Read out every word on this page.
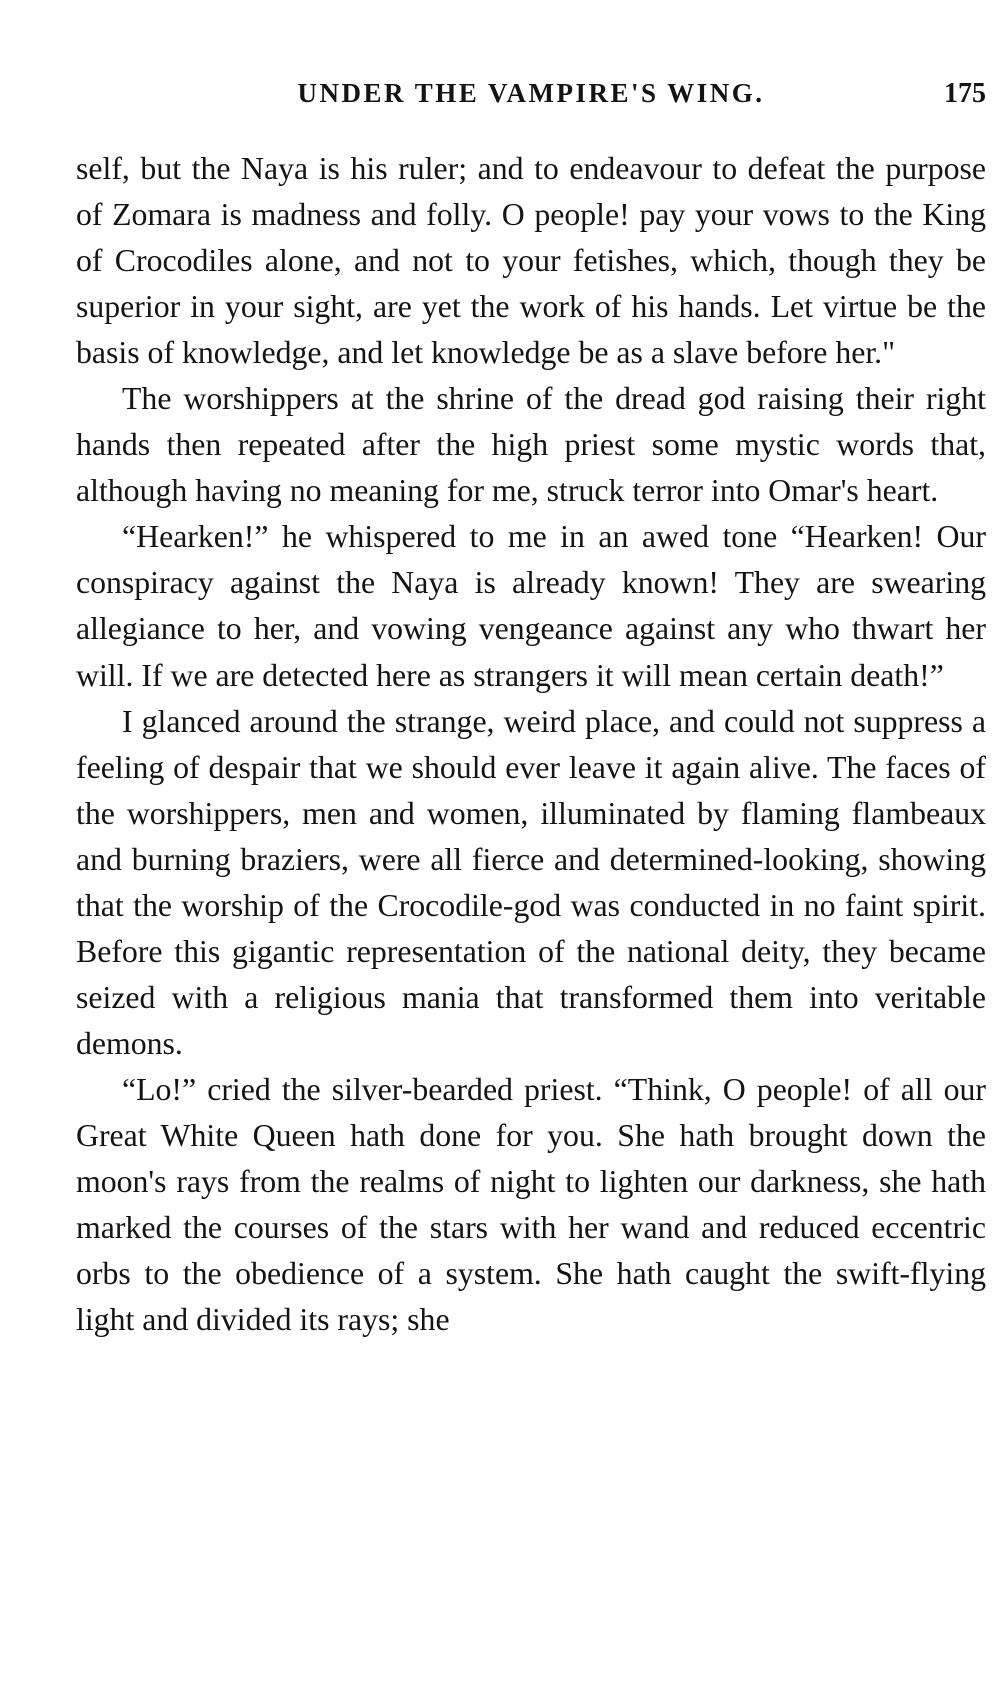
UNDER THE VAMPIRE'S WING.	175

self, but the Naya is his ruler; and to endeavour to defeat the purpose of Zomara is madness and folly. O people! pay your vows to the King of Crocodiles alone, and not to your fetishes, which, though they be superior in your sight, are yet the work of his hands. Let virtue be the basis of knowledge, and let knowledge be as a slave before her."

The worshippers at the shrine of the dread god raising their right hands then repeated after the high priest some mystic words that, although having no meaning for me, struck terror into Omar's heart.

“Hearken!” he whispered to me in an awed tone “Hearken! Our conspiracy against the Naya is already known! They are swearing allegiance to her, and vowing vengeance against any who thwart her will. If we are detected here as strangers it will mean certain death!”

I glanced around the strange, weird place, and could not suppress a feeling of despair that we should ever leave it again alive. The faces of the worshippers, men and women, illuminated by flaming flambeaux and burning braziers, were all fierce and determined-looking, showing that the worship of the Crocodile-god was conducted in no faint spirit. Before this gigantic representation of the national deity, they became seized with a religious mania that transformed them into veritable demons.

“Lo!” cried the silver-bearded priest. “Think, O people! of all our Great White Queen hath done for you. She hath brought down the moon's rays from the realms of night to lighten our darkness, she hath marked the courses of the stars with her wand and reduced eccentric orbs to the obedience of a system. She hath caught the swift-flying light and divided its rays; she
